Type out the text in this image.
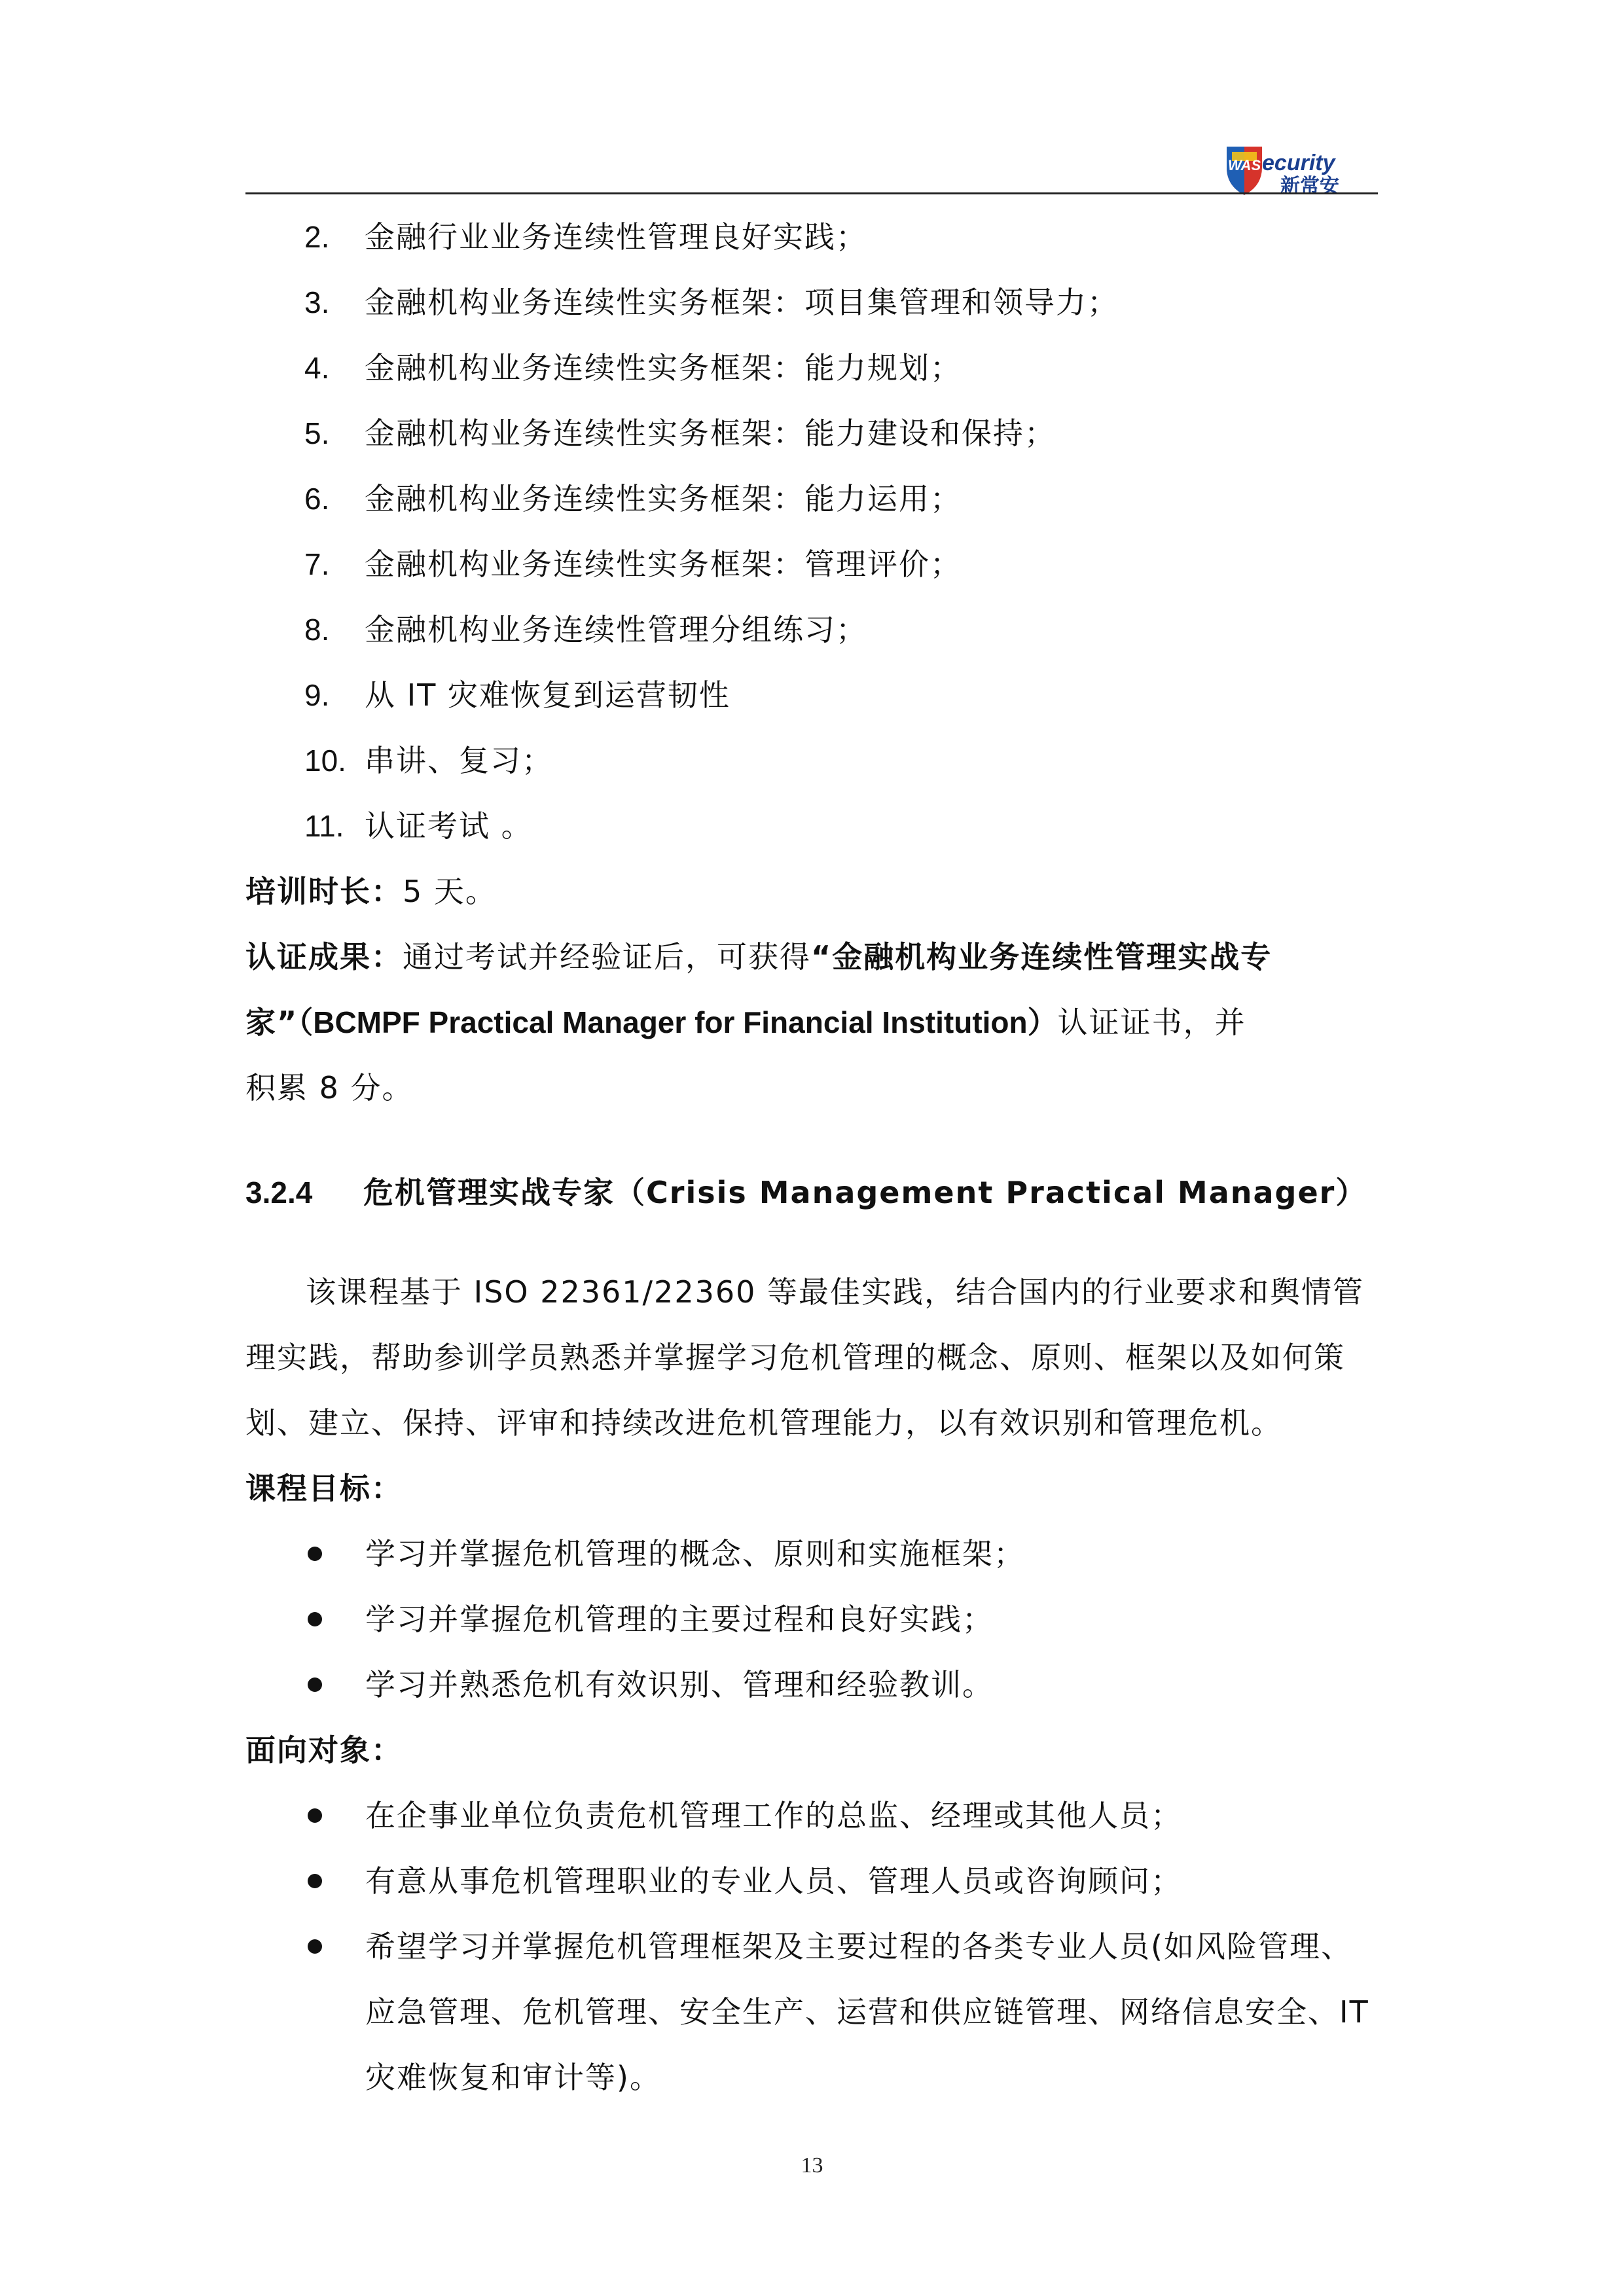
WAS ecurity
新常安
2.	金融行业业务连续性管理良好实践；
3.	金融机构业务连续性实务框架：项目集管理和领导力；
4.	金融机构业务连续性实务框架：能力规划；
5.	金融机构业务连续性实务框架：能力建设和保持；
6.	金融机构业务连续性实务框架：能力运用；
7.	金融机构业务连续性实务框架：管理评价；
8.	金融机构业务连续性管理分组练习；
9.	从 IT 灾难恢复到运营韧性
10. 串讲、复习；
11. 认证考试 。
培训时长：5 天。
认证成果：通过考试并经验证后，可获得“金融机构业务连续性管理实战专
家”（BCMPF Practical Manager for Financial Institution）认证证书，并
积累 8 分。
3.2.4	危机管理实战专家（Crisis Management Practical Manager）
该课程基于 ISO 22361/22360 等最佳实践，结合国内的行业要求和舆情管
理实践，帮助参训学员熟悉并掌握学习危机管理的概念、原则、框架以及如何策
划、建立、保持、评审和持续改进危机管理能力，以有效识别和管理危机。
课程目标：
学习并掌握危机管理的概念、原则和实施框架；
学习并掌握危机管理的主要过程和良好实践；
学习并熟悉危机有效识别、管理和经验教训。
面向对象：
在企事业单位负责危机管理工作的总监、经理或其他人员；
有意从事危机管理职业的专业人员、管理人员或咨询顾问；
希望学习并掌握危机管理框架及主要过程的各类专业人员(如风险管理、应急管理、危机管理、安全生产、运营和供应链管理、网络信息安全、IT 灾难恢复和审计等)。
13
